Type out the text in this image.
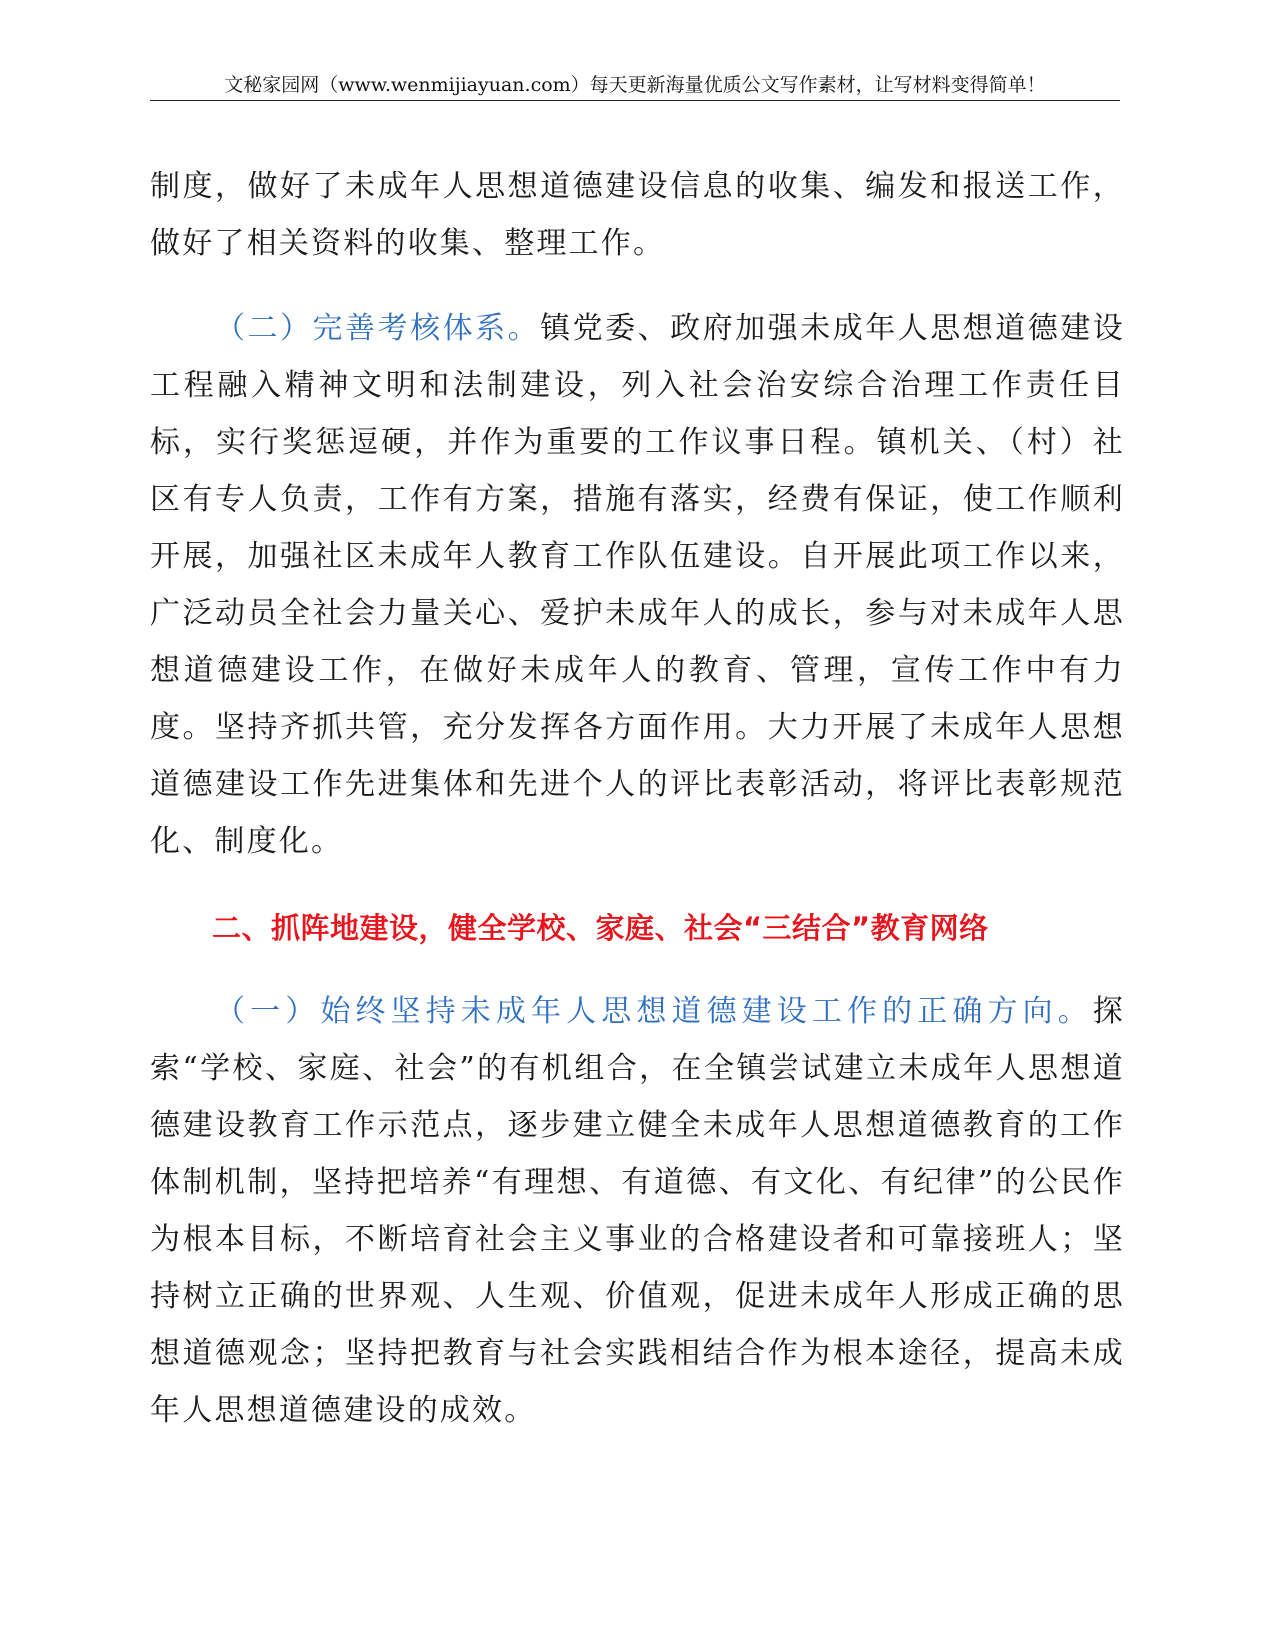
文秘家园网（www.wenmijiayuan.com）每天更新海量优质公文写作素材，让写材料变得简单！

制度，做好了未成年人思想道德建设信息的收集、编发和报送工作，做好了相关资料的收集、整理工作。

（二）完善考核体系。镇党委、政府加强未成年人思想道德建设工程融入精神文明和法制建设，列入社会治安综合治理工作责任目标，实行奖惩逗硬，并作为重要的工作议事日程。镇机关、（村）社区有专人负责，工作有方案，措施有落实，经费有保证，使工作顺利开展，加强社区未成年人教育工作队伍建设。自开展此项工作以来，广泛动员全社会力量关心、爱护未成年人的成长，参与对未成年人思想道德建设工作，在做好未成年人的教育、管理，宣传工作中有力度。坚持齐抓共管，充分发挥各方面作用。大力开展了未成年人思想道德建设工作先进集体和先进个人的评比表彰活动，将评比表彰规范化、制度化。

二、抓阵地建设，健全学校、家庭、社会“三结合”教育网络

（一）始终坚持未成年人思想道德建设工作的正确方向。探索“学校、家庭、社会”的有机组合，在全镇尝试建立未成年人思想道德建设教育工作示范点，逐步建立健全未成年人思想道德教育的工作体制机制，坚持把培养“有理想、有道德、有文化、有纪律”的公民作为根本目标，不断培育社会主义事业的合格建设者和可靠接班人；坚持树立正确的世界观、人生观、价值观，促进未成年人形成正确的思想道德观念；坚持把教育与社会实践相结合作为根本途径，提高未成年人思想道德建设的成效。
